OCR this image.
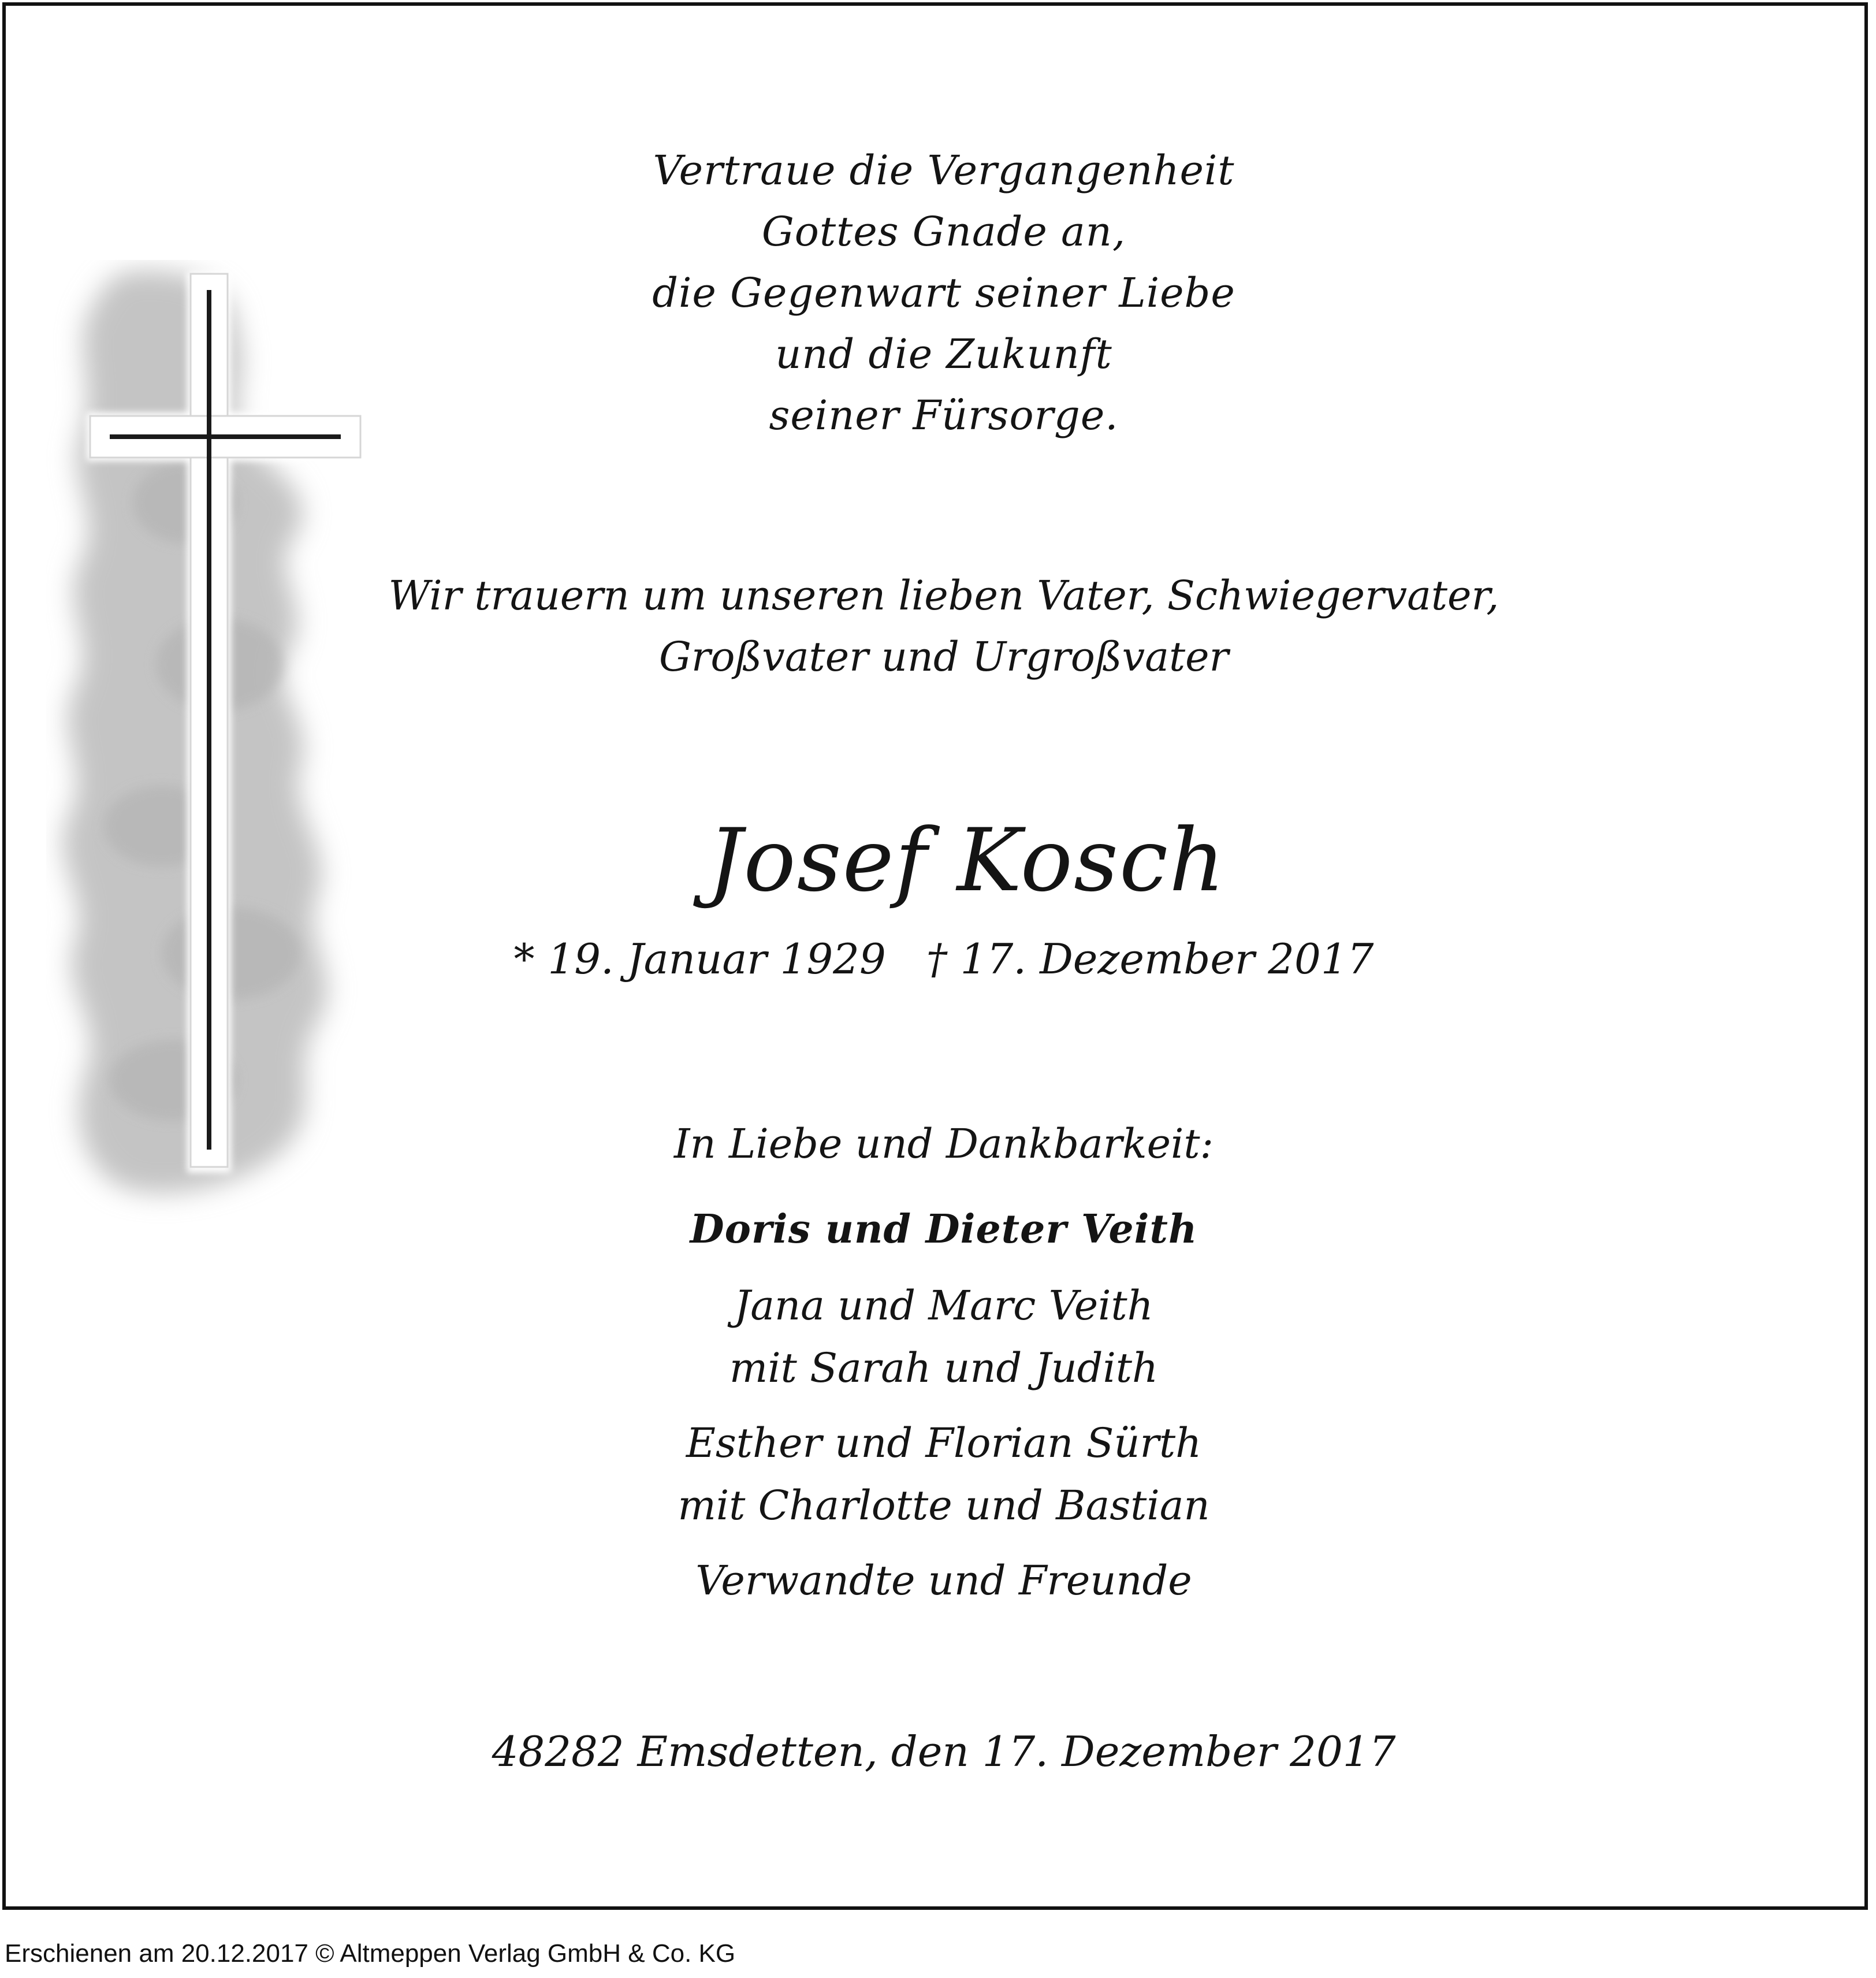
Vertraue die Vergangenheit
Gottes Gnade an,
die Gegenwart seiner Liebe
und die Zukunft
seiner Fürsorge.
Wir trauern um unseren lieben Vater, Schwiegervater,
Großvater und Urgroßvater
Josef Kosch
* 19. Januar 1929 † 17. Dezember 2017
In Liebe und Dankbarkeit:
Doris und Dieter Veith
Jana und Marc Veith
mit Sarah und Judith
Esther und Florian Sürth
mit Charlotte und Bastian
Verwandte und Freunde
48282 Emsdetten, den 17. Dezember 2017
Erschienen am 20.12.2017 © Altmeppen Verlag GmbH & Co. KG
